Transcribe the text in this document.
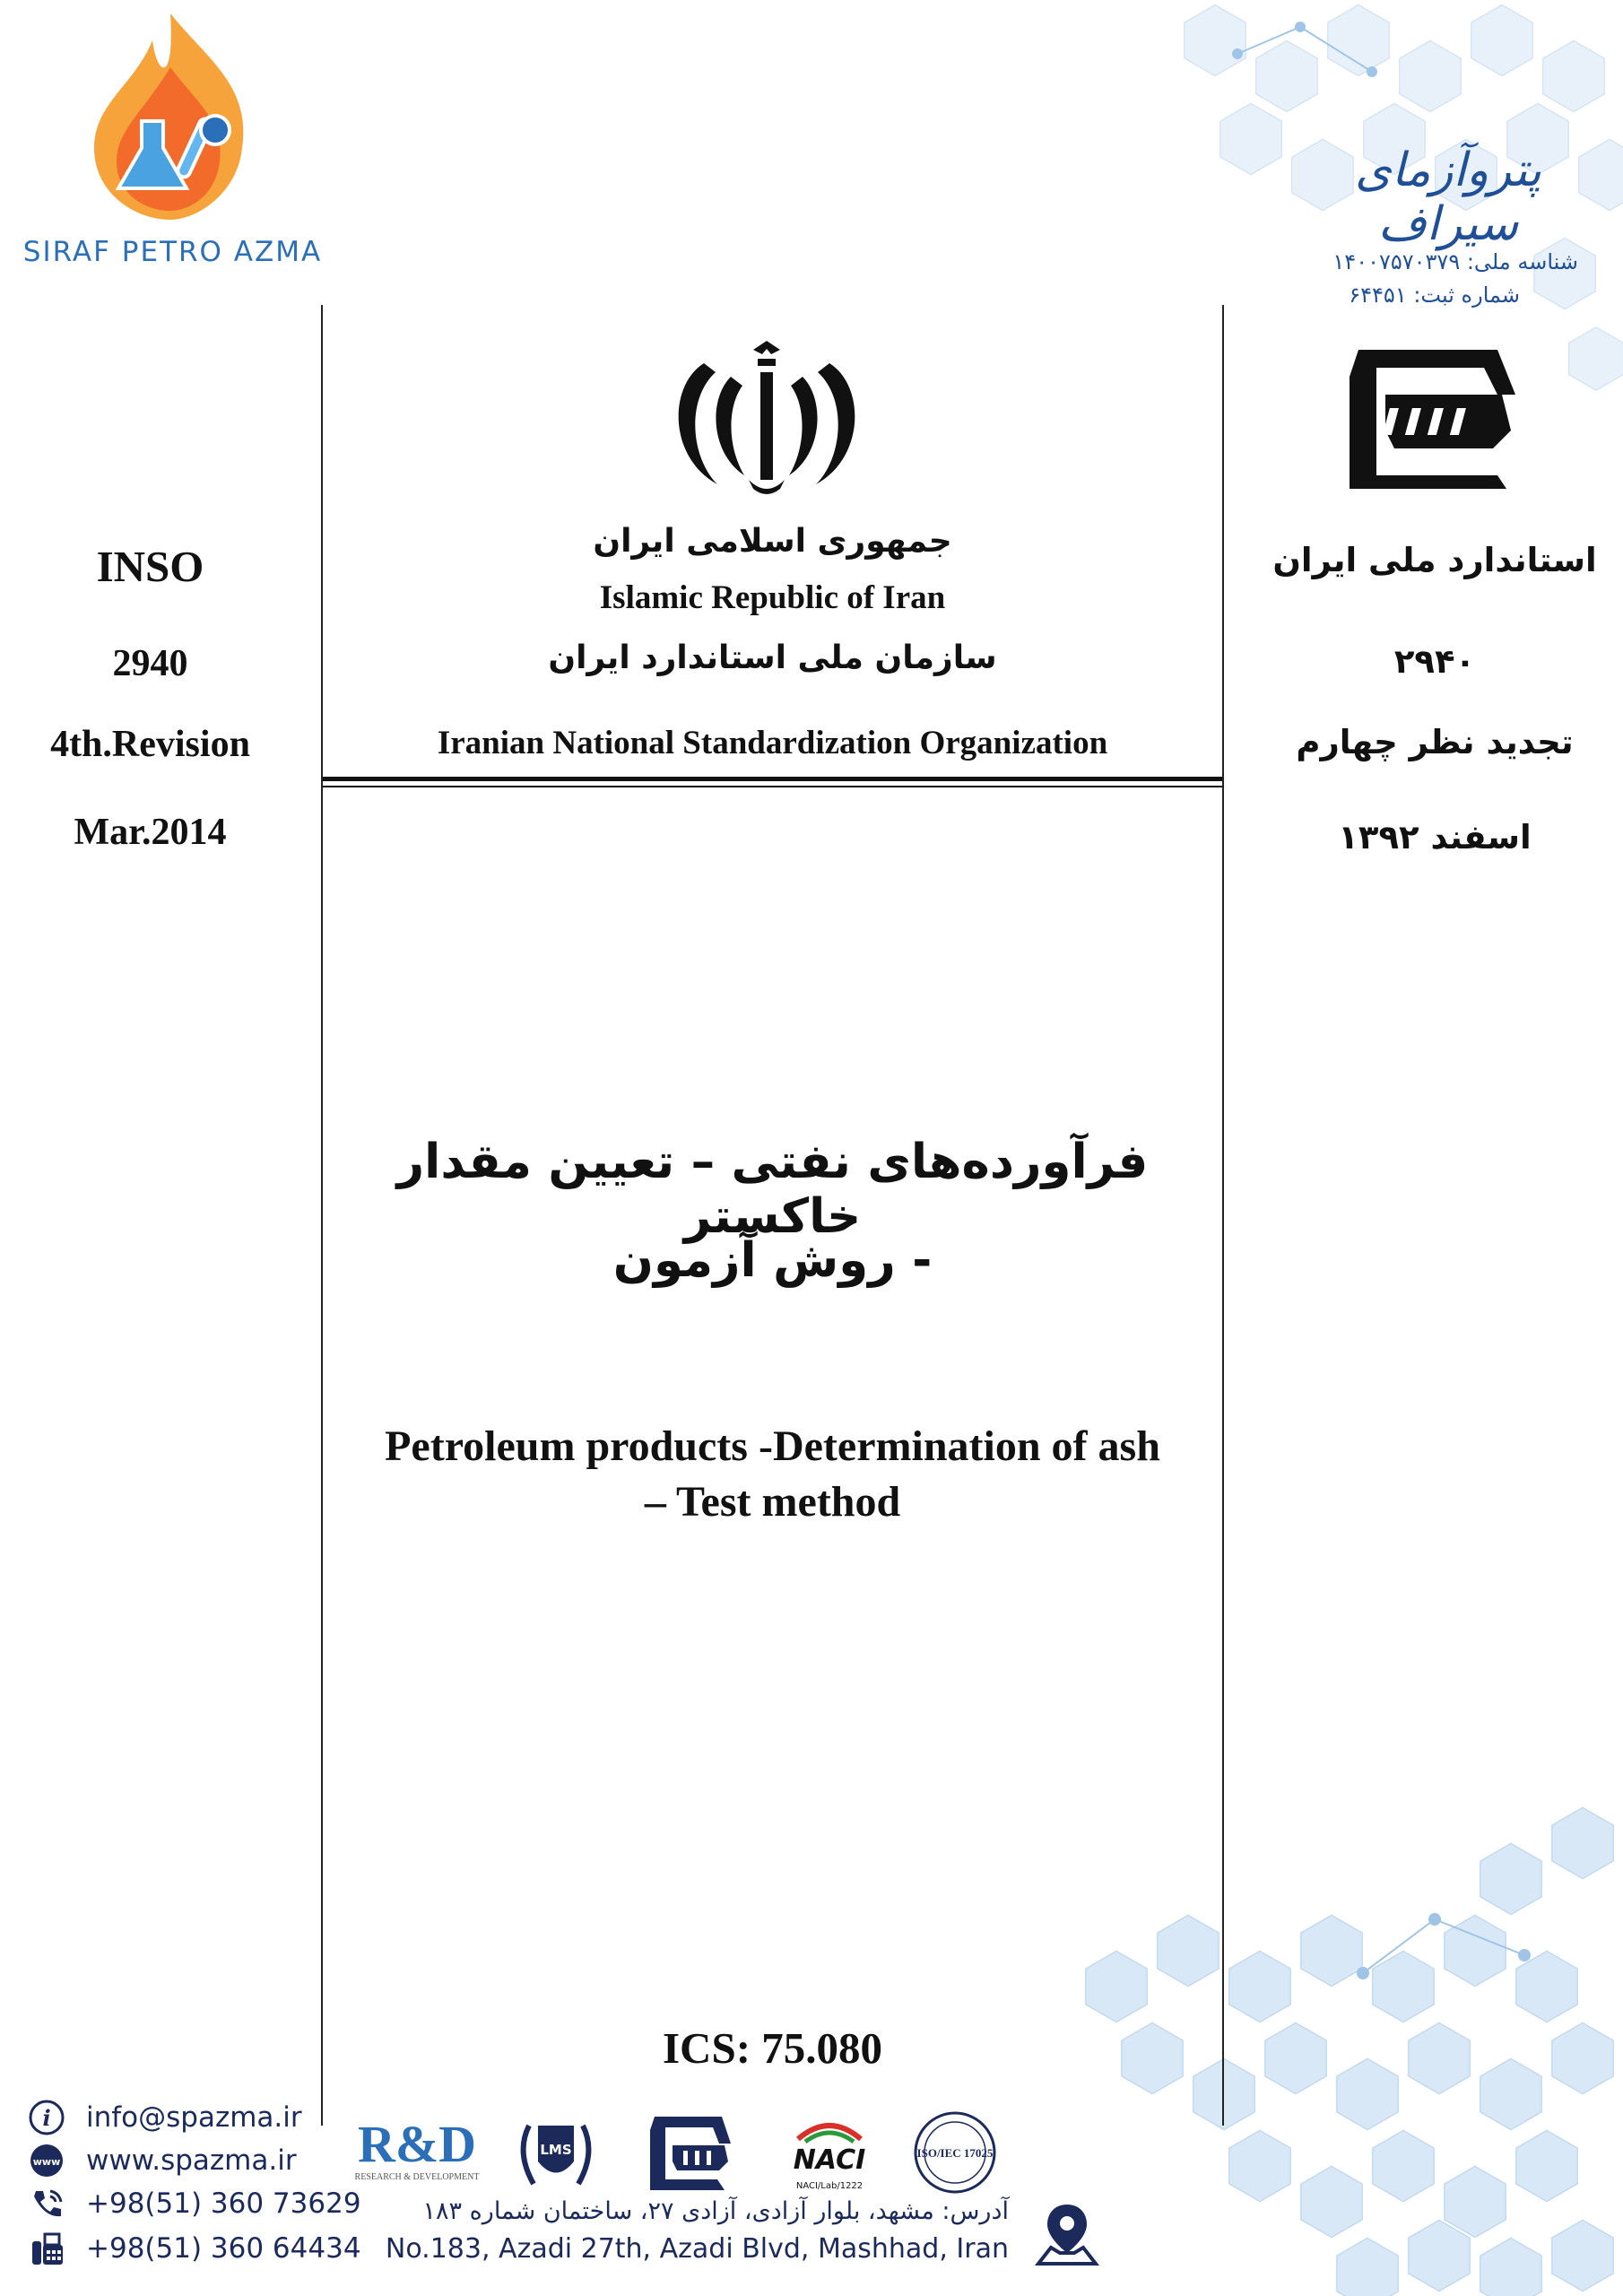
SIRAF PETRO AZMA
پتروآزمای سیراف
شناسه ملی: ۱۴۰۰۷۵۷۰۳۷۹
شماره ثبت: ۶۴۴۵۱
INSO
2940
4th.Revision
Mar.2014
استاندارد ملی ایران
۲۹۴۰
تجدید نظر چهارم
اسفند ۱۳۹۲
جمهوری اسلامی ایران
Islamic Republic of Iran
سازمان ملی استاندارد ایران
Iranian National Standardization Organization
فرآورده‌های نفتی – تعیین مقدار خاکستر
- روش آزمون
Petroleum products -Determination of ash
– Test method
ICS: 75.080
i info@spazma.ir
www www.spazma.ir
+98(51) 360 73629
+98(51) 360 64434
R&D
RESEARCH & DEVELOPMENT
LMS	NACI
NACI/Lab/1222
ISO/IEC 17025
آدرس: مشهد، بلوار آزادی، آزادی ۲۷، ساختمان شماره ۱۸۳
No.183, Azadi 27th, Azadi Blvd, Mashhad, Iran
